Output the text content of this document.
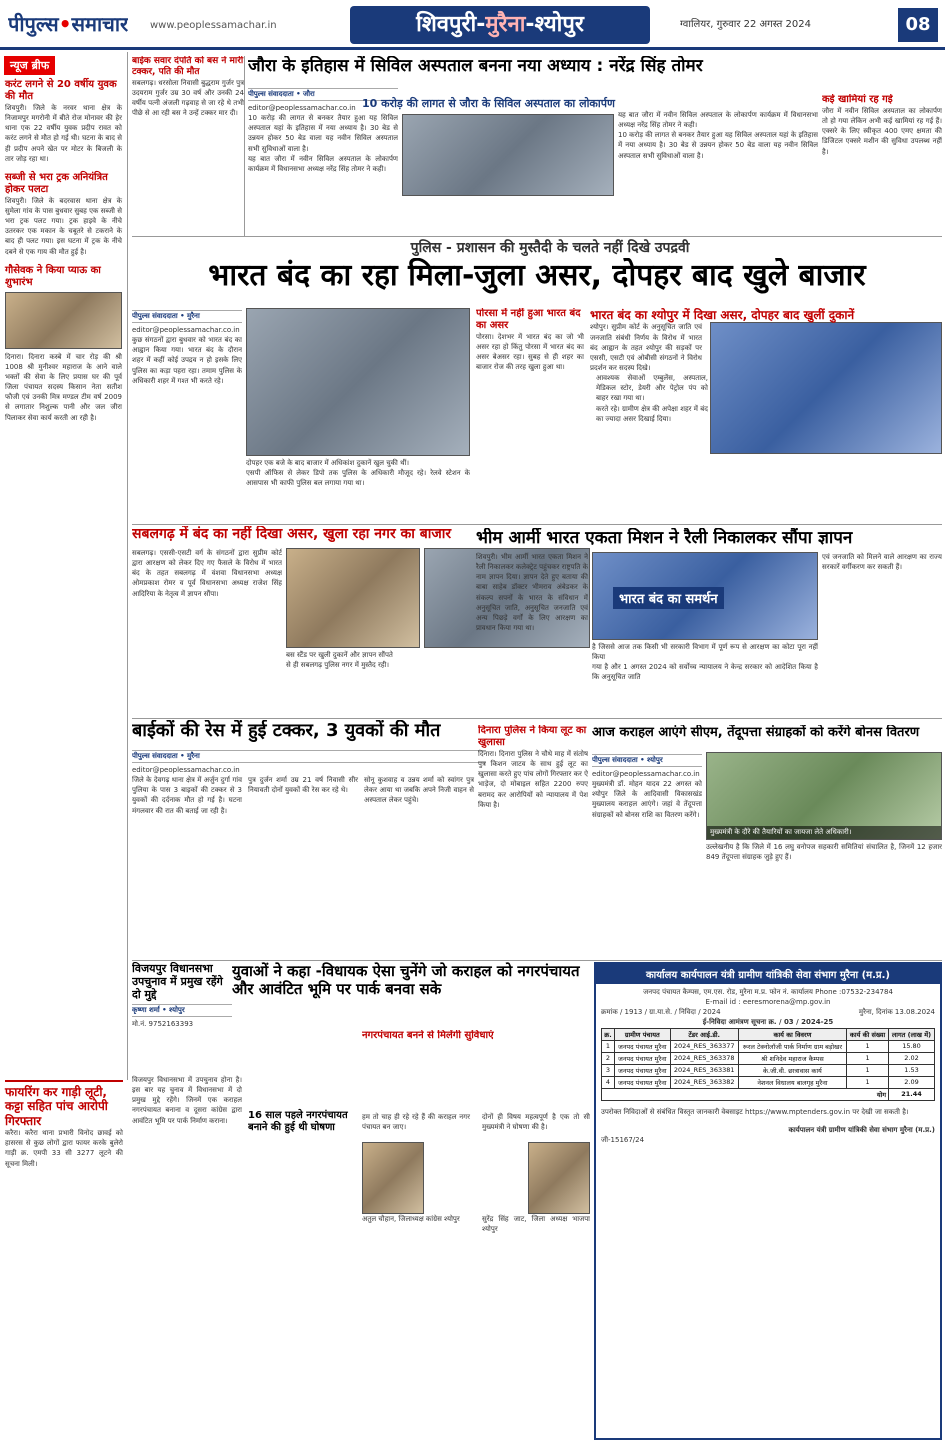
पीपुल्स•समाचार www.peoplessamachar.in	शिवपुरी-मुरैना-श्योपुर	ग्वालियर, गुरुवार 22 अगस्त 2024	08
न्यूज ब्रीफ
करंट लगने से 20 वर्षीय युवक की मौत
शिवपुरी। जिले के नरवर थाना क्षेत्र के निजामपुर मगरोनी में बीते रोज मोनावर की हेर थाना एक 22 वर्षीय युवक प्रदीप रावत को करंट लगने से मौत हो गई थी। घटना के बाद से ही प्रदीप अपने खेत पर मोटर के बिजली के तार जोड़ रहा था।
सब्जी से भरा ट्रक अनियंत्रित होकर पलटा
शिवपुरी। जिले के बदरवास थाना क्षेत्र के सुमेला गांव के पास बुधवार सुबह एक सब्जी से भरा ट्रक पलट गया। ट्रक हाइवे के नीचे उतरकर एक मकान के चबूतरे से टकराने के बाद ही पलट गया। इस घटना में ट्रक के नीचे दबने से एक गाय की मौत हुई है।
गौसेवक ने किया प्याऊ का शुभारंभ
दिनारा। दिनारा कस्बे में चार रोड़ की श्री 1008 श्री मुनीश्वर महाराज के आने वाले भक्तों की सेवा के लिए प्रयास घर की पूर्व जिला पंचायत सदस्य किसान नेता सतीश फौजी एवं उनकी मित्र मण्डल टीम वर्ष 2009 से लगातार निशुल्क पानी और जल जीरा पिलाकर सेवा कार्य करती आ रही है।
फायरिंग कर गाड़ी लूटी, कट्टा सहित पांच आरोपी गिरफ्तार
करैरा। करैरा थाना प्रभारी विनोद छावई को हासरस से कुछ लोगों द्वारा फायर करके बुलेरो गाड़ी क्र. एमपी 33 सी 3277 लूटने की सूचना मिली।
बाईक सवार दंपति को बस ने मारी टक्कर, पति की मौत
सबलगढ़। धरसोला निवासी बुद्धराम गुर्जर पुत्र उदयराम गुर्जर उम्र 30 वर्ष और उनकी 24 वर्षीय पत्नी अंजली गढ़वाह से जा रहे थे तभी पीछे से आ रही बस ने उन्हें टक्कर मार दी।
जौरा के इतिहास में सिविल अस्पताल बनना नया अध्याय : नरेंद्र सिंह तोमर
पीपुल्स संवाददाता • जौरा
editor@peoplessamachar.co.in
10 करोड़ की लागत से बनकर तैयार हुआ यह सिविल अस्पताल यहां के इतिहास में नया अध्याय है। 30 बेड से उन्नयन होकर 50 बेड वाला यह नवीन सिविल अस्पताल सभी सुविधाओं वाला है।
यह बात जौरा में नवीन सिविल अस्पताल के लोकार्पण कार्यक्रम में विधानसभा अध्यक्ष नरेंद्र सिंह तोमर ने कही।
10 करोड़ की लागत से जौरा के सिविल अस्पताल का लोकार्पण
यह बात जौरा में नवीन सिविल अस्पताल के लोकार्पण कार्यक्रम में विधानसभा अध्यक्ष नरेंद्र सिंह तोमर ने कही।
10 करोड़ की लागत से बनकर तैयार हुआ यह सिविल अस्पताल यहां के इतिहास में नया अध्याय है। 30 बेड से उन्नयन होकर 50 बेड वाला यह नवीन सिविल अस्पताल सभी सुविधाओं वाला है।
कई खामियां रह गई
जौरा में नवीन सिविल अस्पताल का लोकार्पण तो हो गया लेकिन अभी कई खामियां रह गई हैं। एक्सरे के लिए स्वीकृत 400 एमए क्षमता की डिजिटल एक्सरे मशीन की सुविधा उपलब्ध नहीं है।
पुलिस - प्रशासन की मुस्तैदी के चलते नहीं दिखे उपद्रवी
भारत बंद का रहा मिला-जुला असर, दोपहर बाद खुले बाजार
पीपुल्स संवाददाता • मुरैना
editor@peoplessamachar.co.in
कुछ संगठनों द्वारा बुधवार को भारत बंद का आह्वान किया गया। भारत बंद के दौरान शहर में कहीं कोई उपद्रव न हो इसके लिए पुलिस का कड़ा पहरा रहा। तमाम पुलिस के अधिकारी शहर में गश्त भी करते रहे।
दोपहर एक बजे के बाद बाजार में अधिकांश दुकानें खुल चुकी थीं।
एसपी ऑफिस से लेकर डिपो तक पुलिस के अधिकारी मौजूद रहे। रेलवे स्टेशन के आसपास भी काफी पुलिस बल लगाया गया था।
पोरसा में नहीं हुआ भारत बंद का असर
पोरसा। देशभर में भारत बंद का जो भी असर रहा हो किंतु पोरसा में भारत बंद का असर बेअसर रहा। सुबह से ही शहर का बाजार रोज की तरह खुला हुआ था।
भारत बंद का श्योपुर में दिखा असर, दोपहर बाद खुलीं दुकानें
श्योपुर। सुप्रीम कोर्ट के अनुसूचित जाति एवं जनजाति संबंधी निर्णय के विरोध में भारत बंद आह्वान के तहत श्योपुर की सड़कों पर एससी, एसटी एवं ओबीसी संगठनों ने विरोध प्रदर्शन कर सदस्य दिखे।
आवश्यक सेवाओं एम्बुलेंस, अस्पताल, मेडिकल स्टोर, डेयरी और पेट्रोल पंप को बाहर रखा गया था।
करते रहे। ग्रामीण क्षेत्र की अपेक्षा शहर में बंद का ज्यादा असर दिखाई दिया।
सबलगढ़ में बंद का नहीं दिखा असर, खुला रहा नगर का बाजार
सबलगढ़। एससी-एसटी वर्ग के संगठनों द्वारा सुप्रीम कोर्ट द्वारा आरक्षण को लेकर दिए गए फैसले के विरोध में भारत बंद के तहत सबलगढ़ में वंशवा विधानसभा अध्यक्ष ओमप्रकाश रोमर व पूर्व विधानसभा अध्यक्ष राजेश सिंह आदिरिया के नेतृत्व में ज्ञापन सौंपा।
बस स्टैंड पर खुली दुकानें और ज्ञापन सौंपते
से ही सबलगढ़ पुलिस नगर में मुस्तैद रही।
भीम आर्मी भारत एकता मिशन ने रैली निकालकर सौंपा ज्ञापन
शिवपुरी। भीम आर्मी भारत एकता मिशन ने रैली निकालकर कलेक्ट्रेट पहुंचकर राष्ट्रपति के नाम ज्ञापन दिया। ज्ञापन देते हुए बताया की बाबा साहेब डॉक्टर भीमराव अंबेडकर के संकल्प सपनों के भारत के संविधान में अनुसूचित जाति, अनुसूचित जनजाति एवं अन्य पिछड़े वर्गों के लिए आरक्षण का प्रावधान किया गया था।
भारत बंद का समर्थन
है जिससे आज तक किसी भी सरकारी विभाग में पूर्ण रूप से आरक्षण का कोटा पूरा नहीं किया
गया है और 1 अगस्त 2024 को सर्वोच्च न्यायालय ने केन्द्र सरकार को आदेशित किया है कि अनुसूचित जाति
एवं जनजाति को मिलने वाले आरक्षण का राज्य सरकारें वर्गीकरण कर सकती हैं।
बाईकों की रेस में हुई टक्कर, 3 युवकों की मौत
पीपुल्स संवाददाता • मुरैना
editor@peoplessamachar.co.in
जिले के देवगढ़ थाना क्षेत्र में अर्जुन दुर्गा गांव पुलिया के पास 3 बाइकों की टक्कर से 3 युवकों की दर्दनाक मौत हो गई है। घटना मंगलवार की रात की बताई जा रही है।
पुत्र दुर्जन शर्मा उम्र 21 वर्ष निवासी सीर नियावती दोनों युवकों की रेस कर रहे थे।
सोनू कुशवाह व उन्नय शर्मा को स्वांगर पुत्र लेकर आया था जबकि अपने निजी वाहन से अस्पताल लेकर पहुंचे।
दिनारा पुलिस ने किया लूट का खुलासा
दिनारा। दिनारा पुलिस ने चौथे माह में संतोष पुत्र किशन जाटव के साथ हुई लूट का खुलासा करते हुए पांच लोगों गिरफ्तार कर ऐ भाड़ेज, दो मोबाइल सहित 2200 रुपए बरामद कर आरोपियों को न्यायालय में पेश किया है।
आज कराहल आएंगे सीएम, तेंदूपत्ता संग्राहकों को करेंगे बोनस वितरण
पीपुल्स संवाददाता • श्योपुर
editor@peoplessamachar.co.in
मुख्यमंत्री डॉ. मोहन यादव 22 अगस्त को श्योपुर जिले के आदिवासी विकासखंड मुख्यालय कराहल आएंगे। जहां वे तेंदूपत्ता संग्राहकों को बोनस राशि का वितरण करेंगे।
मुख्यमंत्री के दौरे की तैयारियों का जायजा लेते अधिकारी।
उल्लेखनीय है कि जिले में 16 लघु वनोपज सहकारी समितियां संचालित है, जिनमें 12 हजार 849 तेंदूपत्ता संग्राहक जुड़े हुए हैं।
विजयपुर विधानसभा उपचुनाव में प्रमुख रहेंगे दो मुद्दे
कृष्णा शर्मा • श्योपुर
मो.नं. 9752163393
युवाओं ने कहा -विधायक ऐसा चुनेंगे जो कराहल को नगरपंचायत और आवंटित भूमि पर पार्क बनवा सके
विजयपुर विधानसभा में उपचुनाव होना है। इस बार यह चुनाव में विधानसभा में दो प्रमुख मुद्दे रहेंगे। जिनमें एक कराहल नगरपंचायत बनाना व दूसरा कांग्रेस द्वारा आवंटित भूमि पर पार्क निर्माण कराना।	16 साल पहले नगरपंचायत बनाने की हुई थी घोषणा
नगरपंचायत बनने से मिलेंगी सुविधाएं
हम तो चाह ही रहे रहे हैं की कराहल नगर पंचायत बन जाए।
दोनों ही विषय महत्वपूर्ण है एक तो सी मुख्यमंत्री ने घोषणा की है।
अतुल चौहान, जिलाध्यक्ष कांग्रेस श्योपुर	सुरेंद्र सिंह जाट, जिला अध्यक्ष भाजपा श्योपुर
कार्यालय कार्यपालन यंत्री ग्रामीण यांत्रिकी सेवा संभाग मुरैना (म.प्र.)
जनपद पंचायत कैम्पस, एम.एस. रोड, मुरैना म.प्र. फोन नं. कार्यालय Phone :07532-234784
E-mail id : eeresmorena@mp.gov.in
क्रमांक / 1913 / ग्रा.या.से. / निविदा / 2024	मुरैना, दिनांक 13.08.2024
ई-निविदा आमंत्रण सूचना क्र. / 03 / 2024-25
क्र.	ग्रामीण पंचायत	टेंडर आई.डी.	कार्य का विवरण	कार्य की संख्या	लागत (लाख में)
1	जनपद पंचायत मुरैना	2024_RES_363377	रूरल टेक्नोलॉजी पार्क निर्माण ग्राम बड़ोखर	1	15.80
2	जनपद पंचायत मुरैना	2024_RES_363378	श्री शनिदेव महाराज कैम्पस	1	2.02
3	जनपद पंचायत मुरैना	2024_RES_363381	के.जी.वी. छात्रावास कार्य	1	1.53
4	जनपद पंचायत मुरैना	2024_RES_363382	नेशनल विधालय बालगृह मुरैना	1	2.09
योग					21.44
उपरोक्त निविदाओं से संबंधित विस्तृत जानकारी वेबसाइट https://www.mptenders.gov.in पर देखी जा सकती है।
कार्यपालन यंत्री ग्रामीण यांत्रिकी सेवा संभाग मुरैना (म.प्र.)
जी-15167/24
